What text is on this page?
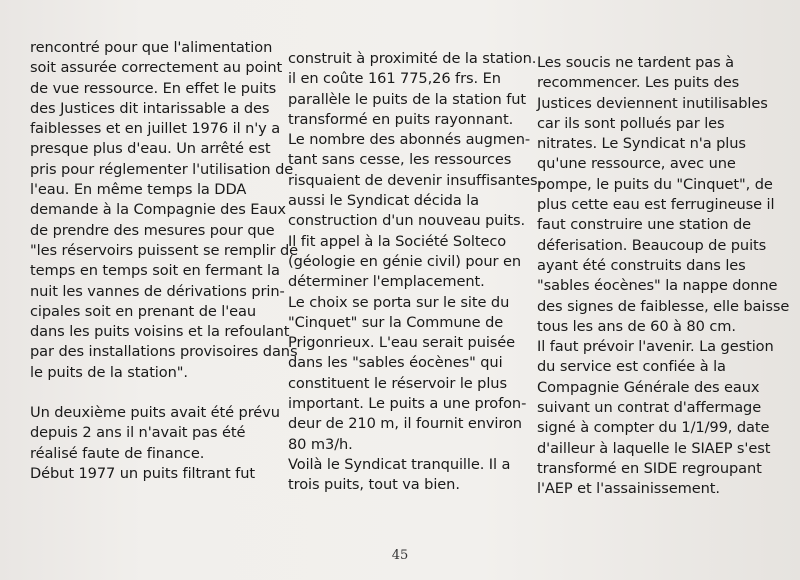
rencontré pour que l'alimentation
soit assurée correctement au point
de vue ressource. En effet le puits
des Justices dit intarissable a des
faiblesses et en juillet 1976 il n'y a
presque plus d'eau. Un arrêté est
pris pour réglementer l'utilisation de
l'eau. En même temps la DDA
demande à la Compagnie des Eaux
de prendre des mesures pour que
"les réservoirs puissent se remplir de
temps en temps soit en fermant la
nuit les vannes de dérivations prin-
cipales soit en prenant de l'eau
dans les puits voisins et la refoulant
par des installations provisoires dans
le puits de la station".

Un deuxième puits avait été prévu
depuis 2 ans il n'avait pas été
réalisé faute de finance.
Début 1977 un puits filtrant fut

construit à proximité de la station.
il en coûte 161 775,26 frs. En
parallèle le puits de la station fut
transformé en puits rayonnant.
Le nombre des abonnés augmen-
tant sans cesse, les ressources
risquaient de devenir insuffisantes,
aussi le Syndicat décida la
construction d'un nouveau puits.
Il fit appel à la Société Solteco
(géologie en génie civil) pour en
déterminer l'emplacement.
Le choix se porta sur le site du
"Cinquet" sur la Commune de
Prigonrieux. L'eau serait puisée
dans les "sables éocènes" qui
constituent le réservoir le plus
important. Le puits a une profon-
deur de 210 m, il fournit environ
80 m3/h.
Voilà le Syndicat tranquille. Il a
trois puits, tout va bien.

Les soucis ne tardent pas à
recommencer. Les puits des
Justices deviennent inutilisables
car ils sont pollués par les
nitrates. Le Syndicat n'a plus
qu'une ressource, avec une
pompe, le puits du "Cinquet", de
plus cette eau est ferrugineuse il
faut construire une station de
déferisation. Beaucoup de puits
ayant été construits dans les
"sables éocènes" la nappe donne
des signes de faiblesse, elle baisse
tous les ans de 60 à 80 cm.
Il faut prévoir l'avenir. La gestion
du service est confiée à la
Compagnie Générale des eaux
suivant un contrat d'affermage
signé à compter du 1/1/99, date
d'ailleur à laquelle le SIAEP s'est
transformé en SIDE regroupant
l'AEP et l'assainissement.

45
